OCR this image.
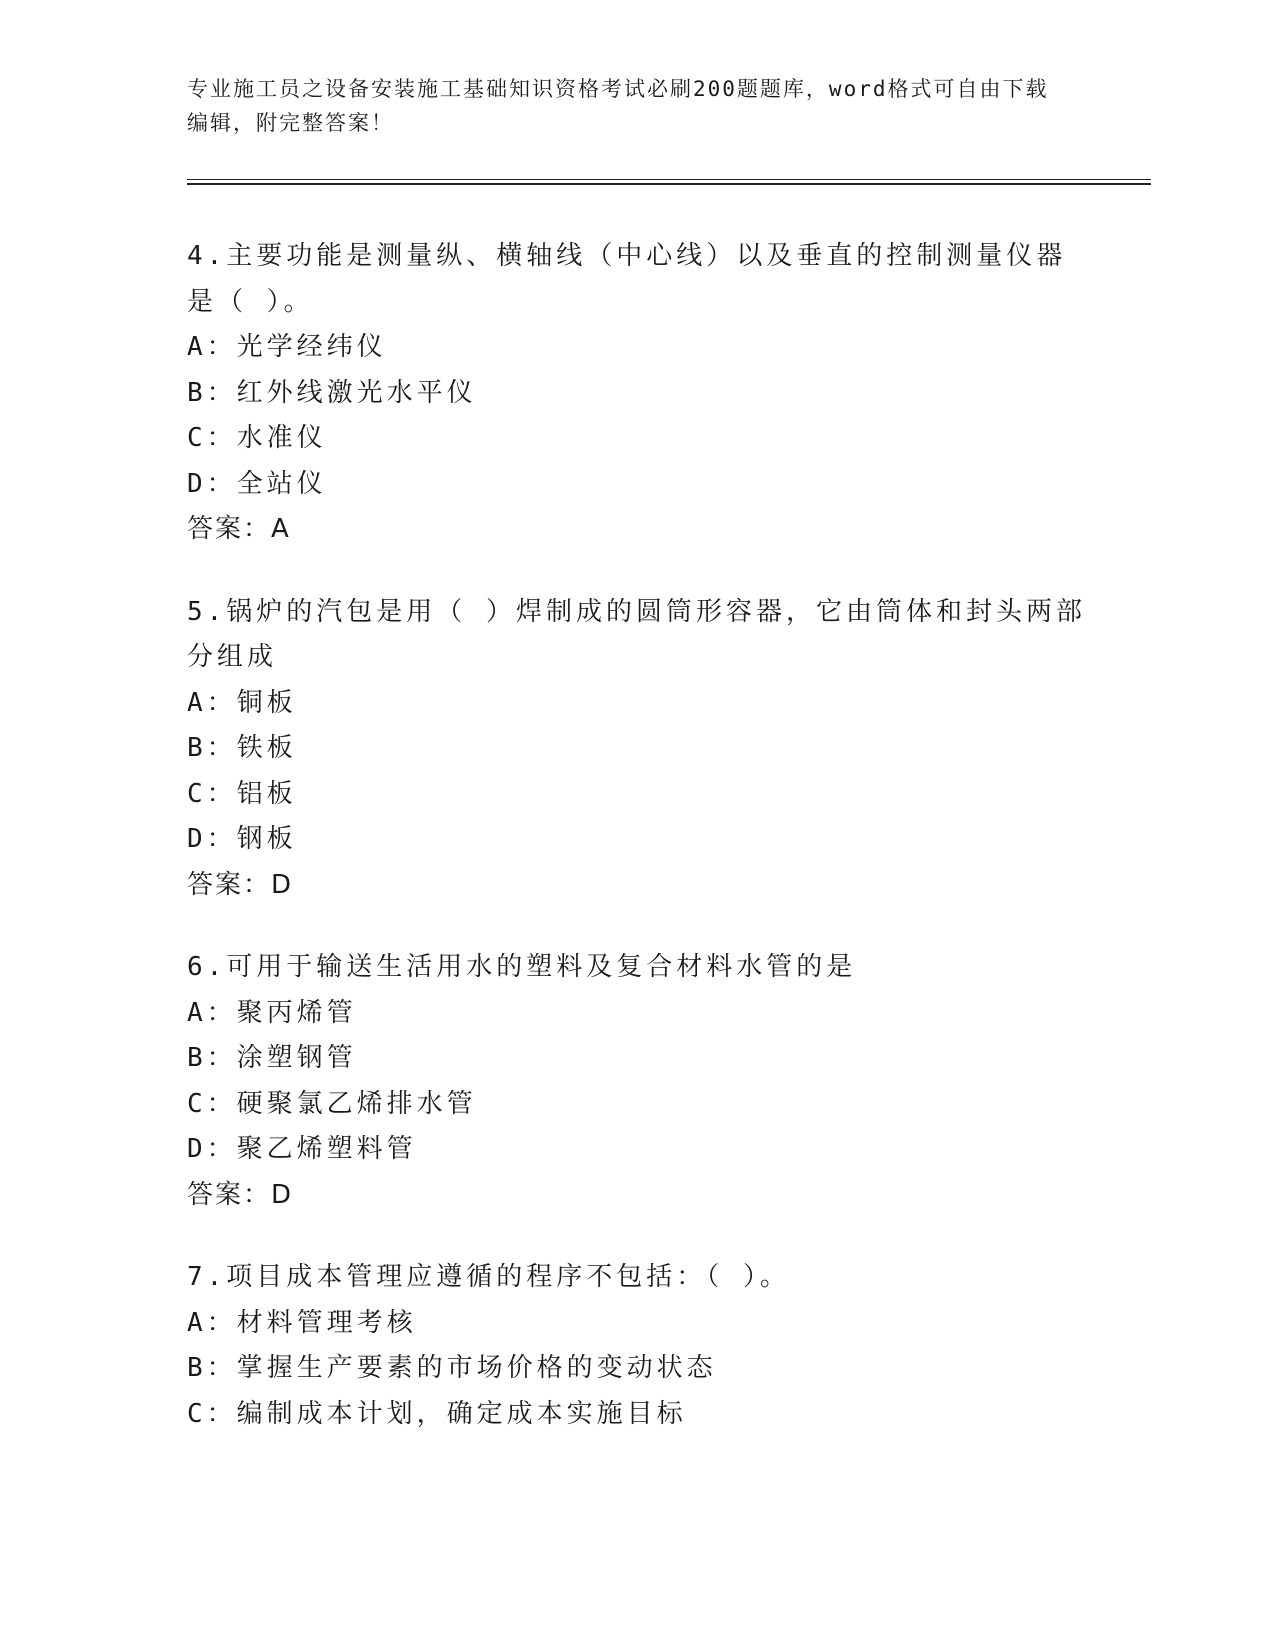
专业施工员之设备安装施工基础知识资格考试必刷200题题库，word格式可自由下载编辑，附完整答案！
4.主要功能是测量纵、横轴线（中心线）以及垂直的控制测量仪器是（ ）。
A：光学经纬仪
B：红外线激光水平仪
C：水准仪
D：全站仪
答案：A
5.锅炉的汽包是用（ ）焊制成的圆筒形容器，它由筒体和封头两部分组成
A：铜板
B：铁板
C：铝板
D：钢板
答案：D
6.可用于输送生活用水的塑料及复合材料水管的是
A：聚丙烯管
B：涂塑钢管
C：硬聚氯乙烯排水管
D：聚乙烯塑料管
答案：D
7.项目成本管理应遵循的程序不包括：（ ）。
A：材料管理考核
B：掌握生产要素的市场价格的变动状态
C：编制成本计划，确定成本实施目标
